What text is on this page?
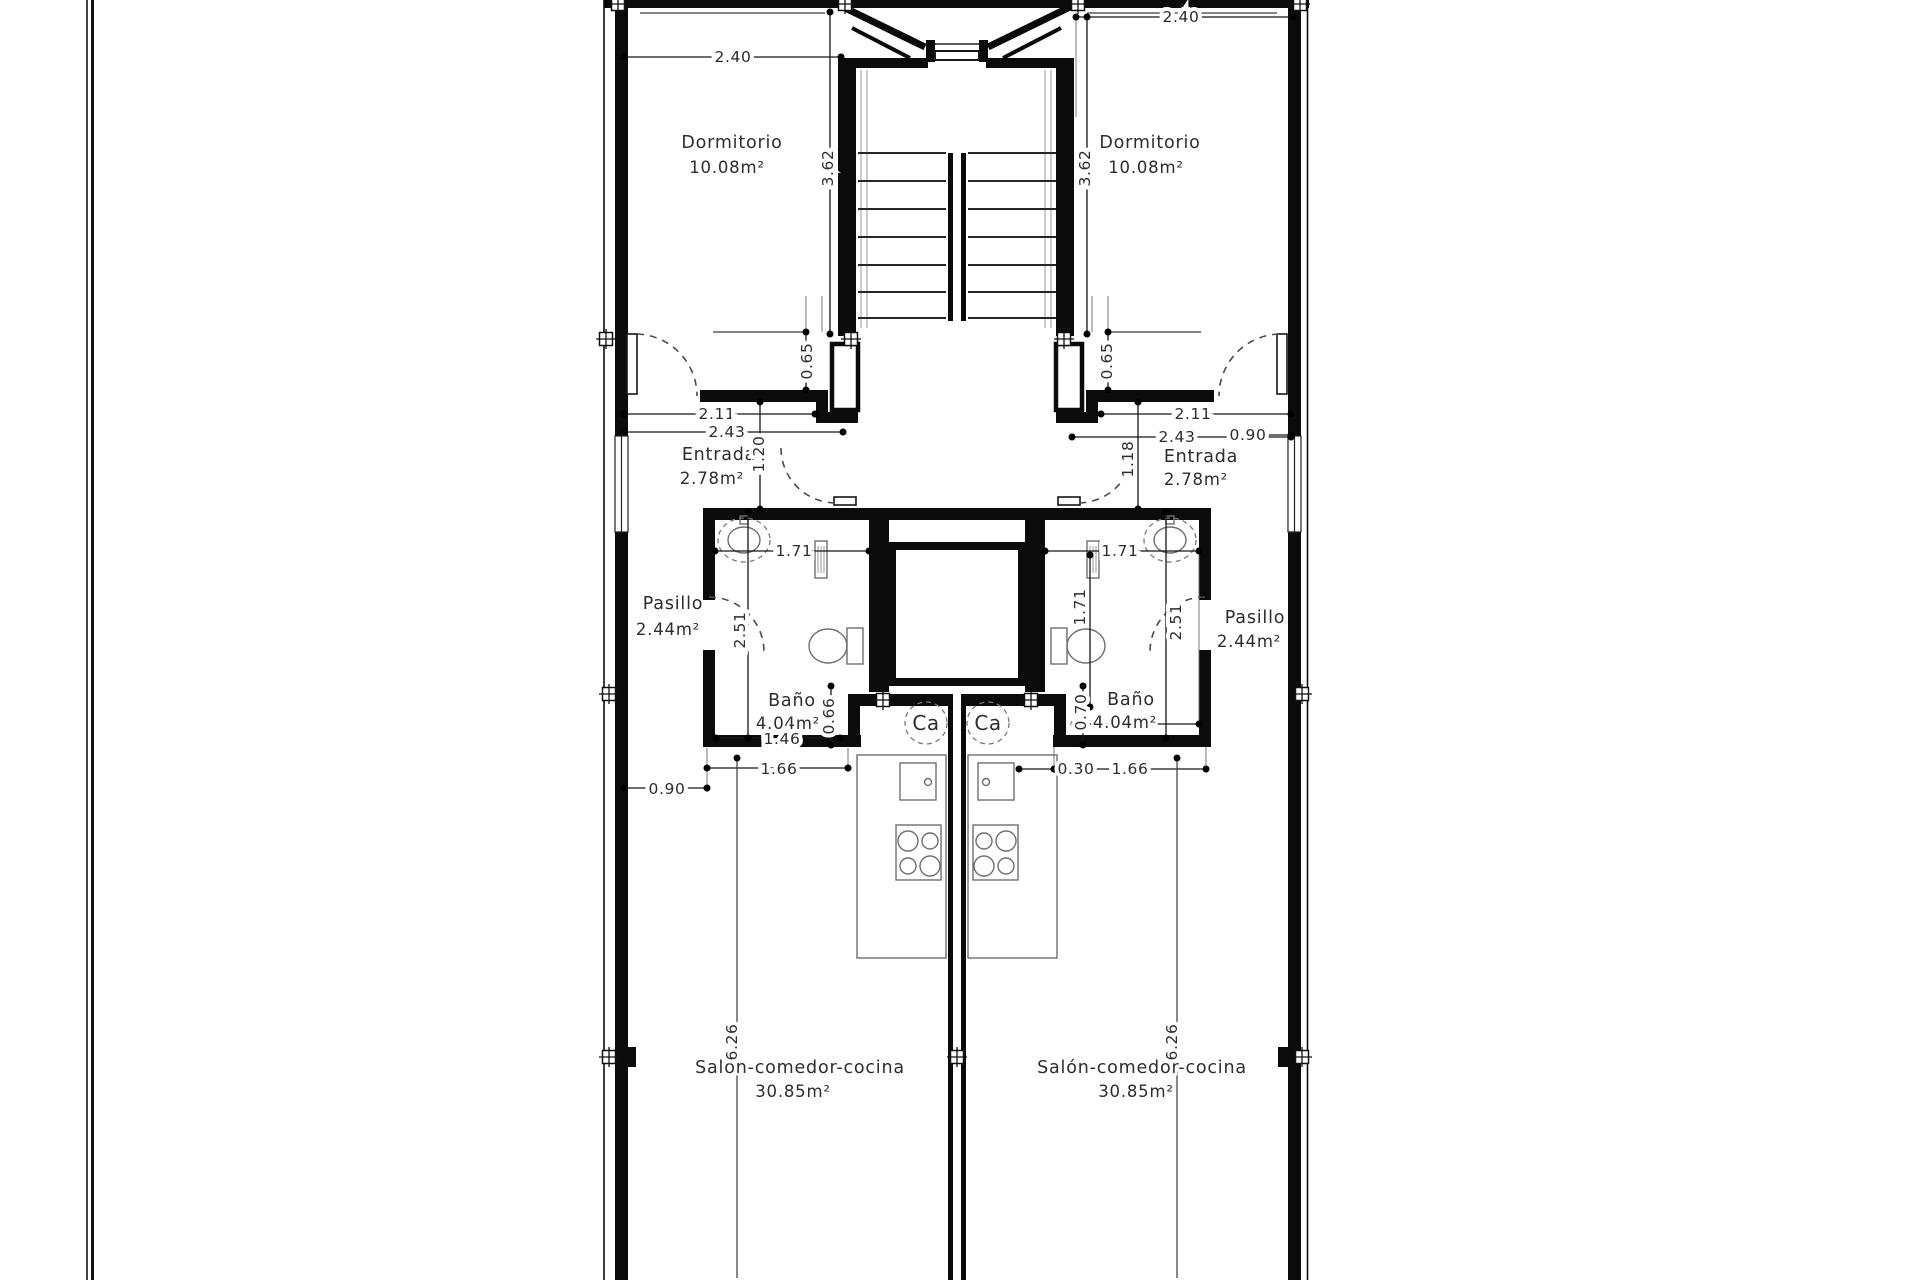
Dormitorio
10.08m²
Dormitorio
10.08m²
Entrada
2.78m²
Entrada
2.78m²
Pasillo
2.44m²
Pasillo
2.44m²
Baño
4.04m²
Baño
4.04m²
Salón-comedor-cocina
30.85m²
Salón-comedor-cocina
30.85m²
Ca Ca
2.40
2.40
2.11
2.43
2.11
2.43
1.71	1.71
1.46
1.66
0.90
0.30 1.66
0.90
3.62	3.62
0.65	0.65
1.20	1.18
2.51	2.51
1.71
0.66	0.70
6.26	6.26
